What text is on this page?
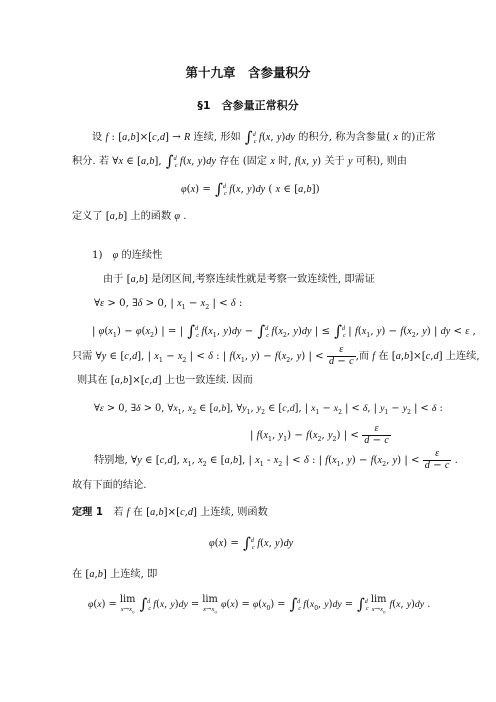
第十九章　含参量积分
§1　含参量正常积分
设 f : [a,b]×[c,d] → R 连续, 形如 $\int_c^d$ f(x, y)dy 的积分, 称为含参量( x 的)正常
积分. 若 ∀x ∈ [a,b], $\int_c^d$ f(x, y)dy 存在 (固定 x 时, f(x, y) 关于 y 可积), 则由
$\varphi(x) = \int_c^d$ f(x, y)dy ( x ∈ [a,b])
定义了 [a,b] 上的函数 φ .
1)　φ 的连续性
由于 [a,b] 是闭区间,考察连续性就是考察一致连续性, 即需证
∀ε > 0, ∃δ > 0, | $x_1 - x_2$ | < δ :
| $\varphi(x_1) - \varphi(x_2)$ | = | $\int_c^d$ $f(x_1$, $y)dy - \int_c^d$ $f(x_2$, y)dy | ≤ $\int_c^d$ | $f(x_1$, $y) - f(x_2$, y) | dy < ε ,
只需 ∀y ∈ [c,d], | $x_1 - x_2$ | < δ : | $f(x_1$, $y) - f(x_2$, y) | < $\frac{\varepsilon}{d - c}$ ,而 f 在 [a,b]×[c,d] 上连续,
则其在 [a,b]×[c,d] 上也一致连续. 因而
∀ε > 0, ∃δ > 0, $\forall x_1$, $x_2$ ∈ [a,b], $\forall y_1$, $y_2$ ∈ [c,d], | $x_1 - x_2$ | < δ, | $y_1 - y_2$ | < δ :
| $f(x_1$, $y_1) - f(x_2$, $y_2$) | < $\frac{\varepsilon}{d - c}$
特别地, ∀y ∈ [c,d], $x_1$, $x_2$ ∈ [a,b], | $x_1 - x_2$ | < δ : | $f(x_1$, $y) - f(x_2$, y) | < $\frac{\varepsilon}{d - c}$ .
故有下面的结论.
定理 1　若 f 在 [a,b]×[c,d] 上连续, 则函数
$\varphi(x) = \int_c^d$ f(x, y)dy
在 [a,b] 上连续, 即
φ(x) = lim
$x\to x_0$ $\int_c^d$ f(x, y)dy = lim
$x\to x_0$
$\varphi(x) = \varphi(x_0) = \int_c^d$ $f(x_0$, $y)dy = \int_c^d$ lim
$x\to x_0$
f(x, y)dy .
